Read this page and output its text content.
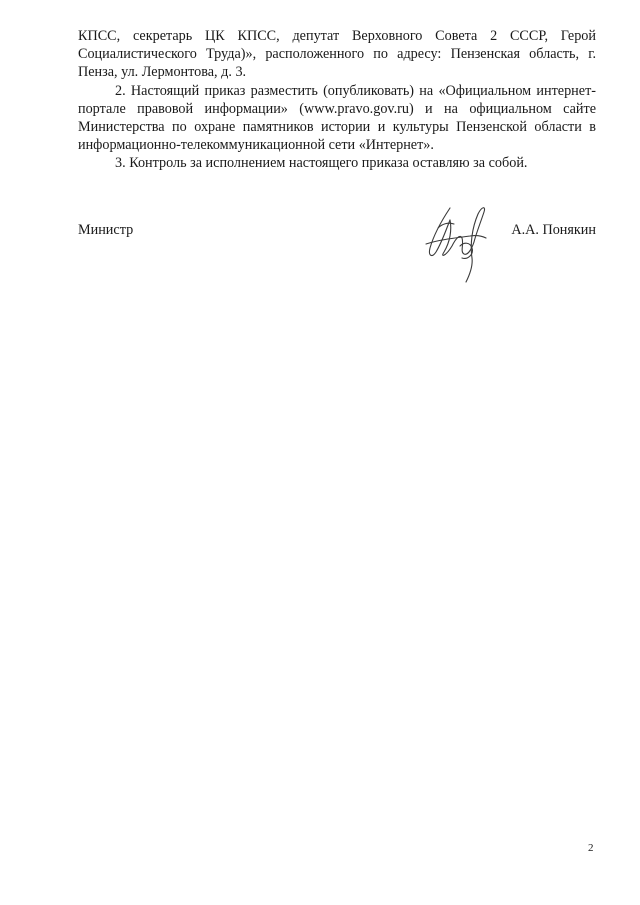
КПСС, секретарь ЦК КПСС, депутат Верховного Совета 2 СССР, Герой Социалистического Труда)», расположенного по адресу: Пензенская область, г. Пенза, ул. Лермонтова, д. 3.

2. Настоящий приказ разместить (опубликовать) на «Официальном интернет-портале правовой информации» (www.pravo.gov.ru) и на официальном сайте Министерства по охране памятников истории и культуры Пензенской области в информационно-телекоммуникационной сети «Интернет».

3. Контроль за исполнением настоящего приказа оставляю за собой.

Министр	А.А. Понякин
2
